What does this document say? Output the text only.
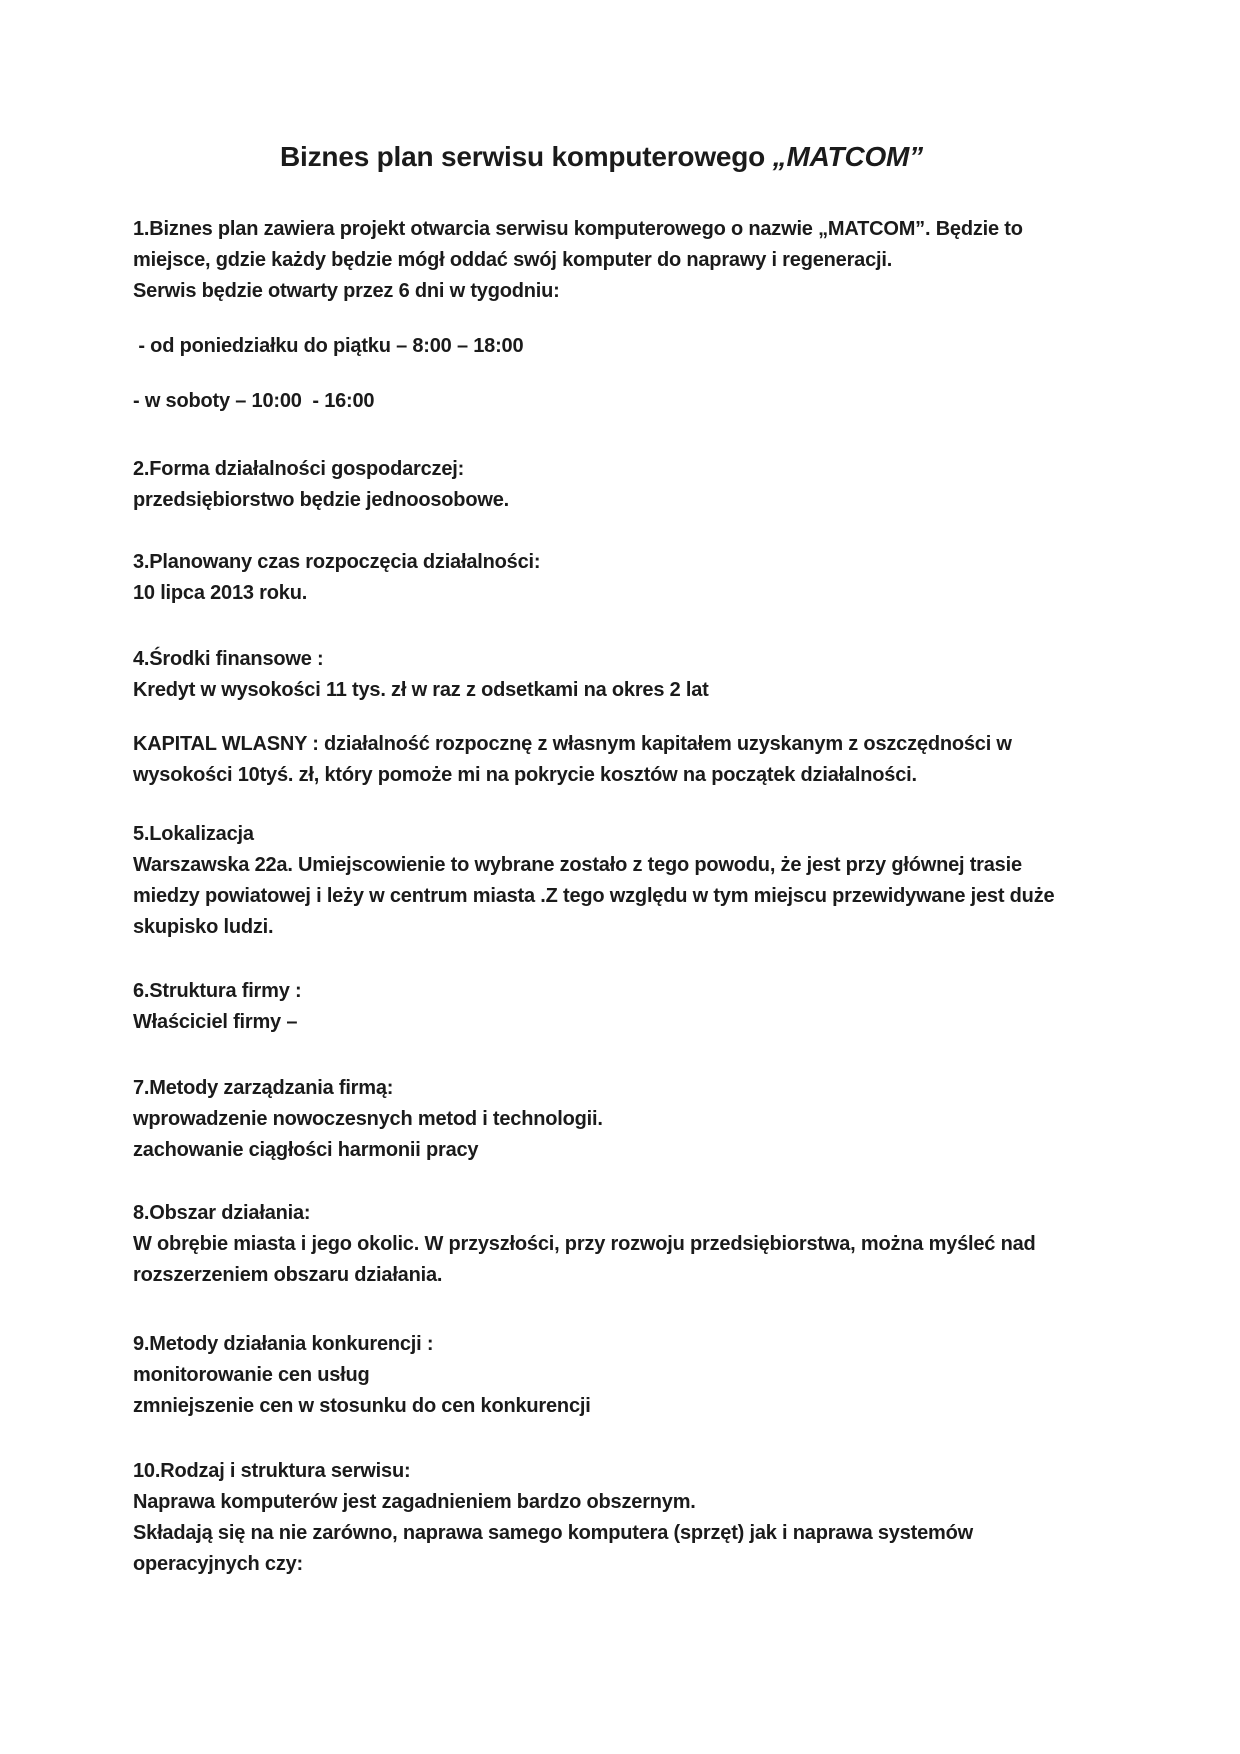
Biznes plan serwisu komputerowego „MATCOM”
1.Biznes plan zawiera projekt otwarcia serwisu komputerowego o nazwie „MATCOM”. Będzie to
miejsce, gdzie każdy będzie mógł oddać swój komputer do naprawy i regeneracji.
Serwis będzie otwarty przez 6 dni w tygodniu:
- od poniedziałku do piątku – 8:00 – 18:00
- w soboty – 10:00  - 16:00
2.Forma działalności gospodarczej:
przedsiębiorstwo będzie jednoosobowe.
3.Planowany czas rozpoczęcia działalności:
10 lipca 2013 roku.
4.Środki finansowe :
Kredyt w wysokości 11 tys. zł w raz z odsetkami na okres 2 lat
KAPITAL WLASNY : działalność rozpocznę z własnym kapitałem uzyskanym z oszczędności w
wysokości 10tyś. zł, który pomoże mi na pokrycie kosztów na początek działalności.
5.Lokalizacja
Warszawska 22a. Umiejscowienie to wybrane zostało z tego powodu, że jest przy głównej trasie
miedzy powiatowej i leży w centrum miasta .Z tego względu w tym miejscu przewidywane jest duże
skupisko ludzi.
6.Struktura firmy :
Właściciel firmy –
7.Metody zarządzania firmą:
wprowadzenie nowoczesnych metod i technologii.
zachowanie ciągłości harmonii pracy
8.Obszar działania:
W obrębie miasta i jego okolic. W przyszłości, przy rozwoju przedsiębiorstwa, można myśleć nad
rozszerzeniem obszaru działania.
9.Metody działania konkurencji :
monitorowanie cen usług
zmniejszenie cen w stosunku do cen konkurencji
10.Rodzaj i struktura serwisu:
Naprawa komputerów jest zagadnieniem bardzo obszernym.
Składają się na nie zarówno, naprawa samego komputera (sprzęt) jak i naprawa systemów
operacyjnych czy:
